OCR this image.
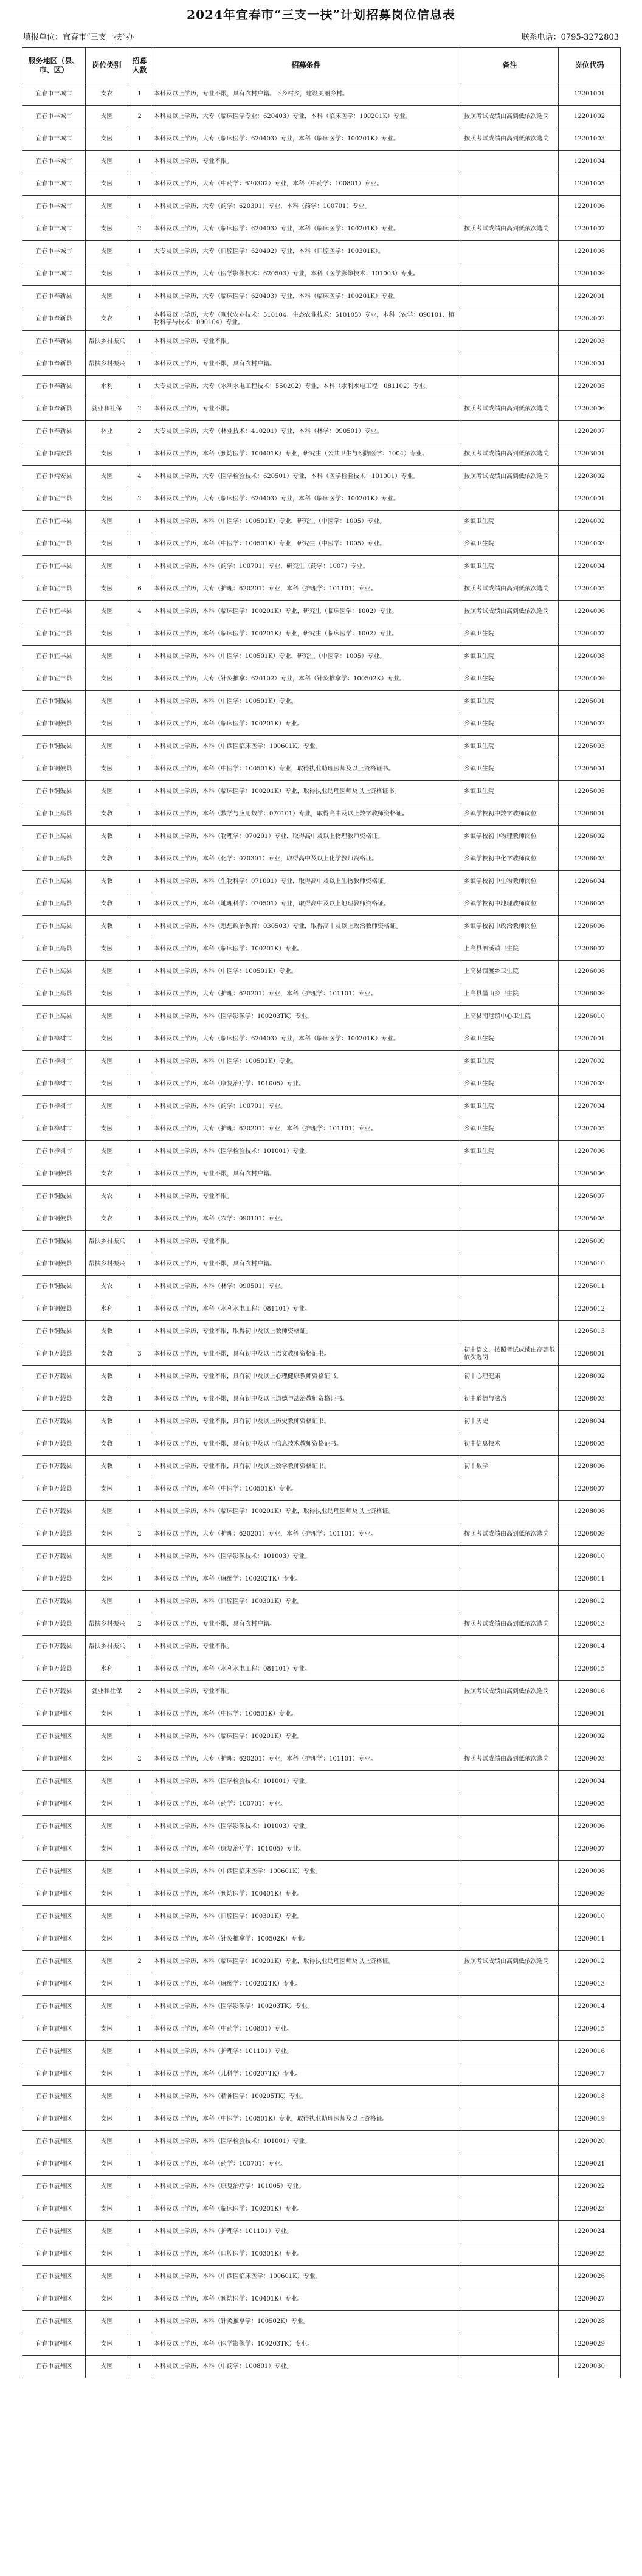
2024年宜春市“三支一扶”计划招募岗位信息表
填报单位：宜春市“三支一扶”办	联系电话：0795-3272803
服务地区（县、市、区）	岗位类别	招募人数	招募条件	备注	岗位代码
宜春市丰城市	支农	1	本科及以上学历，专业不限，具有农村户籍。下乡村乡，建设美丽乡村。		12201001
宜春市丰城市	支医	2	本科及以上学历，大专（临床医学专业：620403）专业，本科（临床医学：100201K）专业。	按照考试成绩由高到低依次选岗	12201002
宜春市丰城市	支医	1	本科及以上学历，大专（临床医学：620403）专业，本科（临床医学：100201K）专业。	按照考试成绩由高到低依次选岗	12201003
宜春市丰城市	支医	1	本科及以上学历，专业不限。		12201004
宜春市丰城市	支医	1	本科及以上学历，大专（中药学：620302）专业，本科（中药学：100801）专业。		12201005
宜春市丰城市	支医	1	本科及以上学历，大专（药学：620301）专业，本科（药学：100701）专业。		12201006
宜春市丰城市	支医	2	本科及以上学历，大专（临床医学：620403）专业，本科（临床医学：100201K）专业。	按照考试成绩由高到低依次选岗	12201007
宜春市丰城市	支医	1	大专及以上学历，大专（口腔医学：620402）专业，本科（口腔医学：100301K）。		12201008
宜春市丰城市	支医	1	本科及以上学历，大专（医学影像技术：620503）专业，本科（医学影像技术：101003）专业。		12201009
宜春市奉新县	支医	1	本科及以上学历，大专（临床医学：620403）专业，本科（临床医学：100201K）专业。		12202001
宜春市奉新县	支农	1	本科及以上学历，大专（现代农业技术：510104、生态农业技术：510105）专业，本科（农学：090101、植物科学与技术：090104）专业。		12202002
宜春市奉新县	帮扶乡村振兴	1	本科及以上学历，专业不限。		12202003
宜春市奉新县	帮扶乡村振兴	1	本科及以上学历，专业不限，具有农村户籍。		12202004
宜春市奉新县	水利	1	大专及以上学历，大专（水利水电工程技术：550202）专业，本科（水利水电工程：081102）专业。		12202005
宜春市奉新县	就业和社保	2	本科及以上学历，专业不限。	按照考试成绩由高到低依次选岗	12202006
宜春市奉新县	林业	2	大专及以上学历，大专（林业技术：410201）专业，本科（林学：090501）专业。		12202007
宜春市靖安县	支医	1	本科及以上学历，本科（预防医学：100401K）专业，研究生（公共卫生与预防医学：1004）专业。	按照考试成绩由高到低依次选岗	12203001
宜春市靖安县	支医	4	本科及以上学历，大专（医学检验技术：620501）专业，本科（医学检验技术：101001）专业。	按照考试成绩由高到低依次选岗	12203002
宜春市宜丰县	支医	2	本科及以上学历，大专（临床医学：620403）专业，本科（临床医学：100201K）专业。		12204001
宜春市宜丰县	支医	1	本科及以上学历，本科（中医学：100501K）专业，研究生（中医学：1005）专业。	乡镇卫生院	12204002
宜春市宜丰县	支医	1	本科及以上学历，本科（中医学：100501K）专业，研究生（中医学：1005）专业。	乡镇卫生院	12204003
宜春市宜丰县	支医	1	本科及以上学历，本科（药学：100701）专业，研究生（药学：1007）专业。	乡镇卫生院	12204004
宜春市宜丰县	支医	6	本科及以上学历，大专（护理：620201）专业，本科（护理学：101101）专业。	按照考试成绩由高到低依次选岗	12204005
宜春市宜丰县	支医	4	本科及以上学历，本科（临床医学：100201K）专业，研究生（临床医学：1002）专业。	按照考试成绩由高到低依次选岗	12204006
宜春市宜丰县	支医	1	本科及以上学历，本科（临床医学：100201K）专业，研究生（临床医学：1002）专业。	乡镇卫生院	12204007
宜春市宜丰县	支医	1	本科及以上学历，本科（中医学：100501K）专业，研究生（中医学：1005）专业。	乡镇卫生院	12204008
宜春市宜丰县	支医	1	本科及以上学历，大专（针灸推拿：620102）专业，本科（针灸推拿学：100502K）专业。	乡镇卫生院	12204009
宜春市铜鼓县	支医	1	本科及以上学历，本科（中医学：100501K）专业。	乡镇卫生院	12205001
宜春市铜鼓县	支医	1	本科及以上学历，本科（临床医学：100201K）专业。	乡镇卫生院	12205002
宜春市铜鼓县	支医	1	本科及以上学历，本科（中西医临床医学：100601K）专业。	乡镇卫生院	12205003
宜春市铜鼓县	支医	1	本科及以上学历，本科（中医学：100501K）专业，取得执业助理医师及以上资格证书。	乡镇卫生院	12205004
宜春市铜鼓县	支医	1	本科及以上学历，本科（临床医学：100201K）专业，取得执业助理医师及以上资格证书。	乡镇卫生院	12205005
宜春市上高县	支教	1	本科及以上学历，本科（数学与应用数学：070101）专业，取得高中及以上数学教师资格证。	乡镇学校初中数学教师岗位	12206001
宜春市上高县	支教	1	本科及以上学历，本科（物理学：070201）专业，取得高中及以上物理教师资格证。	乡镇学校初中物理教师岗位	12206002
宜春市上高县	支教	1	本科及以上学历，本科（化学：070301）专业，取得高中及以上化学教师资格证。	乡镇学校初中化学教师岗位	12206003
宜春市上高县	支教	1	本科及以上学历，本科（生物科学：071001）专业，取得高中及以上生物教师资格证。	乡镇学校初中生物教师岗位	12206004
宜春市上高县	支教	1	本科及以上学历，本科（地理科学：070501）专业，取得高中及以上地理教师资格证。	乡镇学校初中地理教师岗位	12206005
宜春市上高县	支教	1	本科及以上学历，本科（思想政治教育：030503）专业，取得高中及以上政治教师资格证。	乡镇学校初中政治教师岗位	12206006
宜春市上高县	支医	1	本科及以上学历，本科（临床医学：100201K）专业。	上高县泗溪镇卫生院	12206007
宜春市上高县	支医	1	本科及以上学历，本科（中医学：100501K）专业。	上高县镇渡乡卫生院	12206008
宜春市上高县	支医	1	本科及以上学历，大专（护理：620201）专业，本科（护理学：101101）专业。	上高县墨山乡卫生院	12206009
宜春市上高县	支医	1	本科及以上学历，本科（医学影像学：100203TK）专业。	上高县南港镇中心卫生院	12206010
宜春市樟树市	支医	1	本科及以上学历，大专（临床医学：620403）专业，本科（临床医学：100201K）专业。	乡镇卫生院	12207001
宜春市樟树市	支医	1	本科及以上学历，本科（中医学：100501K）专业。	乡镇卫生院	12207002
宜春市樟树市	支医	1	本科及以上学历，本科（康复治疗学：101005）专业。	乡镇卫生院	12207003
宜春市樟树市	支医	1	本科及以上学历，本科（药学：100701）专业。	乡镇卫生院	12207004
宜春市樟树市	支医	1	本科及以上学历，大专（护理：620201）专业，本科（护理学：101101）专业。	乡镇卫生院	12207005
宜春市樟树市	支医	1	本科及以上学历，本科（医学检验技术：101001）专业。	乡镇卫生院	12207006
宜春市铜鼓县	支农	1	本科及以上学历，专业不限，具有农村户籍。		12205006
宜春市铜鼓县	支农	1	本科及以上学历，专业不限。		12205007
宜春市铜鼓县	支农	1	本科及以上学历，本科（农学：090101）专业。		12205008
宜春市铜鼓县	帮扶乡村振兴	1	本科及以上学历，专业不限。		12205009
宜春市铜鼓县	帮扶乡村振兴	1	本科及以上学历，专业不限，具有农村户籍。		12205010
宜春市铜鼓县	支农	1	本科及以上学历，本科（林学：090501）专业。		12205011
宜春市铜鼓县	水利	1	本科及以上学历，本科（水利水电工程：081101）专业。		12205012
宜春市铜鼓县	支教	1	本科及以上学历，专业不限，取得初中及以上教师资格证。		12205013
宜春市万载县	支教	3	本科及以上学历，专业不限，具有初中及以上语文教师资格证书。	初中语文，按照考试成绩由高到低依次选岗	12208001
宜春市万载县	支教	1	本科及以上学历，专业不限，具有初中及以上心理健康教师资格证书。	初中心理健康	12208002
宜春市万载县	支教	1	本科及以上学历，专业不限，具有初中及以上道德与法治教师资格证书。	初中道德与法治	12208003
宜春市万载县	支教	1	本科及以上学历，专业不限，具有初中及以上历史教师资格证书。	初中历史	12208004
宜春市万载县	支教	1	本科及以上学历，专业不限，具有初中及以上信息技术教师资格证书。	初中信息技术	12208005
宜春市万载县	支教	1	本科及以上学历，专业不限，具有初中及以上数学教师资格证书。	初中数学	12208006
宜春市万载县	支医	1	本科及以上学历，本科（中医学：100501K）专业。		12208007
宜春市万载县	支医	1	本科及以上学历，本科（临床医学：100201K）专业，取得执业助理医师及以上资格证。		12208008
宜春市万载县	支医	2	本科及以上学历，大专（护理：620201）专业，本科（护理学：101101）专业。	按照考试成绩由高到低依次选岗	12208009
宜春市万载县	支医	1	本科及以上学历，本科（医学影像技术：101003）专业。		12208010
宜春市万载县	支医	1	本科及以上学历，本科（麻醉学：100202TK）专业。		12208011
宜春市万载县	支医	1	本科及以上学历，本科（口腔医学：100301K）专业。		12208012
宜春市万载县	帮扶乡村振兴	2	本科及以上学历，专业不限，具有农村户籍。	按照考试成绩由高到低依次选岗	12208013
宜春市万载县	帮扶乡村振兴	1	本科及以上学历，专业不限。		12208014
宜春市万载县	水利	1	本科及以上学历，本科（水利水电工程：081101）专业。		12208015
宜春市万载县	就业和社保	2	本科及以上学历，专业不限。	按照考试成绩由高到低依次选岗	12208016
宜春市袁州区	支医	1	本科及以上学历，本科（中医学：100501K）专业。		12209001
宜春市袁州区	支医	1	本科及以上学历，本科（临床医学：100201K）专业。		12209002
宜春市袁州区	支医	2	本科及以上学历，大专（护理：620201）专业，本科（护理学：101101）专业。	按照考试成绩由高到低依次选岗	12209003
宜春市袁州区	支医	1	本科及以上学历，本科（医学检验技术：101001）专业。		12209004
宜春市袁州区	支医	1	本科及以上学历，本科（药学：100701）专业。		12209005
宜春市袁州区	支医	1	本科及以上学历，本科（医学影像技术：101003）专业。		12209006
宜春市袁州区	支医	1	本科及以上学历，本科（康复治疗学：101005）专业。		12209007
宜春市袁州区	支医	1	本科及以上学历，本科（中西医临床医学：100601K）专业。		12209008
宜春市袁州区	支医	1	本科及以上学历，本科（预防医学：100401K）专业。		12209009
宜春市袁州区	支医	1	本科及以上学历，本科（口腔医学：100301K）专业。		12209010
宜春市袁州区	支医	1	本科及以上学历，本科（针灸推拿学：100502K）专业。		12209011
宜春市袁州区	支医	2	本科及以上学历，本科（临床医学：100201K）专业，取得执业助理医师及以上资格证。	按照考试成绩由高到低依次选岗	12209012
宜春市袁州区	支医	1	本科及以上学历，本科（麻醉学：100202TK）专业。		12209013
宜春市袁州区	支医	1	本科及以上学历，本科（医学影像学：100203TK）专业。		12209014
宜春市袁州区	支医	1	本科及以上学历，本科（中药学：100801）专业。		12209015
宜春市袁州区	支医	1	本科及以上学历，本科（护理学：101101）专业。		12209016
宜春市袁州区	支医	1	本科及以上学历，本科（儿科学：100207TK）专业。		12209017
宜春市袁州区	支医	1	本科及以上学历，本科（精神医学：100205TK）专业。		12209018
宜春市袁州区	支医	1	本科及以上学历，本科（中医学：100501K）专业，取得执业助理医师及以上资格证。		12209019
宜春市袁州区	支医	1	本科及以上学历，本科（医学检验技术：101001）专业。		12209020
宜春市袁州区	支医	1	本科及以上学历，本科（药学：100701）专业。		12209021
宜春市袁州区	支医	1	本科及以上学历，本科（康复治疗学：101005）专业。		12209022
宜春市袁州区	支医	1	本科及以上学历，本科（临床医学：100201K）专业。		12209023
宜春市袁州区	支医	1	本科及以上学历，本科（护理学：101101）专业。		12209024
宜春市袁州区	支医	1	本科及以上学历，本科（口腔医学：100301K）专业。		12209025
宜春市袁州区	支医	1	本科及以上学历，本科（中西医临床医学：100601K）专业。		12209026
宜春市袁州区	支医	1	本科及以上学历，本科（预防医学：100401K）专业。		12209027
宜春市袁州区	支医	1	本科及以上学历，本科（针灸推拿学：100502K）专业。		12209028
宜春市袁州区	支医	1	本科及以上学历，本科（医学影像学：100203TK）专业。		12209029
宜春市袁州区	支医	1	本科及以上学历，本科（中药学：100801）专业。		12209030
